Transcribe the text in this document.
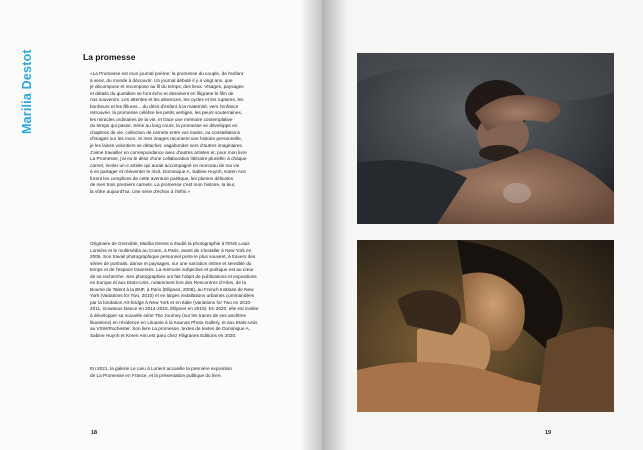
Marilia Destot	La promesse

«La Promesse est mon journal poème: la promesse du couple, de l'enfant

à venir, du monde à découvrir. Un journal débuté il y a vingt ans, que

je décompose et recompose au fil du temps, des lieux. Visages, paysages

et détails du quotidien se font écho et dessinent en filigrane le film de

nos souvenirs. Les attentes et les absences, les cycles et les ruptures, les

bonheurs et les fêlures... du désir d'enfant à la maternité, vers l'enfance

retrouvée, la promesse célèbre les petits vertiges, les peurs souterraines,

les miracles ordinaires de la vie, et trace une mémoire contemplative

du temps qui passe. Série au long cours, la promesse se développe en

chapitres de vie, collection de carnets entre vos mains, ou constellations

d'images sur les murs. Si mes images racontent une histoire personnelle,

je les laisse volontiers se détacher, vagabonder vers d'autres imaginaires.

J'aime travailler en correspondance avec d'autres artistes et, pour mon livre

La Promesse, j'ai eu le désir d'une collaboration littéraire plurielle: à chaque

carnet, inviter un·e artiste qui aurait accompagné un morceau de ma vie

à en partager et réinventer le récit. Dominique A, Sabine Huynh, Karen Ann

furent les complices de cette aventure poétique, les plumes délicates

de mes trois premiers carnets. La promesse c'est mon histoire, la leur,

la vôtre aujourd'hui. Une série d'échos à l'infini.»

Originaire de Grenoble, Marilia Destot a étudié la photographie à l'ENS Louis

Lumière et le multimédia au Cnam, à Paris, avant de s'installer à New York en

2006. Son travail photographique personnel porte le plus souvent, à travers des

séries de portraits, danse et paysages, sur une narration intime et sensible du

temps et de l'espace traversés. La mémoire subjective et poétique est au cœur

de sa recherche. Ses photographies ont fait l'objet de publications et expositions

en Europe et aux Etats-Unis, notamment lors des Rencontres d'Arles, de la

Bourse du Talent à la BNF, à Paris (Ellipses, 2008), au French Institute de New

York (Variations for Two, 2010) et en larges installations urbaines commandées

par la fondation Art-bridge à New York et en Italie (Variations for Two en 2010-

2011, Gowanus Dance en 2014-2015, Ellipses en 2019). En 2020, elle est invitée

à développer sa nouvelle série The Journey (sur les traces de ses ancêtres

lituaniens) en résidence en Lituanie à la Kaunas Photo Gallery, et aux Etats-Unis

au VSW/Rochester. Son livre La promesse, textes de textes de Dominique A,

Sabine Huynh et Keren Ann,est paru chez Filigranes Editions en 2020.

En 2021, la galerie Le Lieu à Lorient accueille la première exposition

de La Promesse en France, et la présentation publique du livre.

18	19
